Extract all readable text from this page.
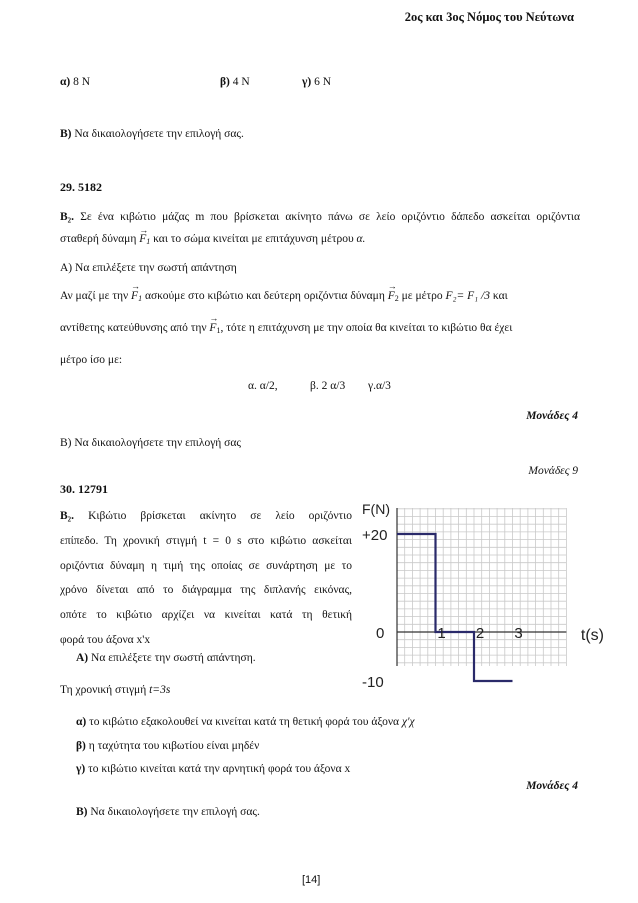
2ος και 3ος Νόμος του Νεύτωνα
α) 8 N	β) 4 N	γ) 6 N
Β) Να δικαιολογήσετε την επιλογή σας.
29. 5182
Β₂. Σε ένα κιβώτιο μάζας m που βρίσκεται ακίνητο πάνω σε λείο οριζόντιο δάπεδο ασκείται οριζόντια
σταθερή $\delta ύ\nu\alpha\mu\eta \to F_1$ και το σώμα κινείται με επιτάχυνση μέτρου α.
Α) Να επιλέξετε την σωστή απάντηση
Αν μαζί με $\tau\eta\nu \to F_1$ ασκούμε στο κιβώτιο και δεύτερη οριζόντια $\delta ύ\nu\alpha\mu\eta \to F_2$ με μέτρο F₂= F₁ /3 και
αντίθετης κατεύθυνσης από $\tau\eta\nu \to F_1$, τότε η επιτάχυνση με την οποία θα κινείται το κιβώτιο θα έχει
μέτρο ίσο με:
α. α/2,	β. 2 α/3 γ.α/3
Μονάδες 4
Β) Να δικαιολογήσετε την επιλογή σας
Μονάδες 9
30. 12791
Β₂. Κιβώτιο βρίσκεται ακίνητο σε λείο οριζόντιο
επίπεδο. Τη χρονική στιγμή t = 0 s στο κιβώτιο ασκείται
οριζόντια δύναμη η τιμή της οποίας σε συνάρτηση με το
χρόνο δίνεται από το διάγραμμα της διπλανής εικόνας,
οπότε το κιβώτιο αρχίζει να κινείται κατά τη θετική
φορά του άξονα x'x
F(N)
t(s)
+20
-10
0	1 2 3
Α) Να επιλέξετε την σωστή απάντηση.
Τη χρονική στιγμή t=3s
α) το κιβώτιο εξακολουθεί να κινείται κατά τη θετική φορά του άξονα χ'χ
β) η ταχύτητα του κιβωτίου είναι μηδέν
γ) το κιβώτιο κινείται κατά την αρνητική φορά του άξονα x
Μονάδες 4
Β) Να δικαιολογήσετε την επιλογή σας.
[14]
